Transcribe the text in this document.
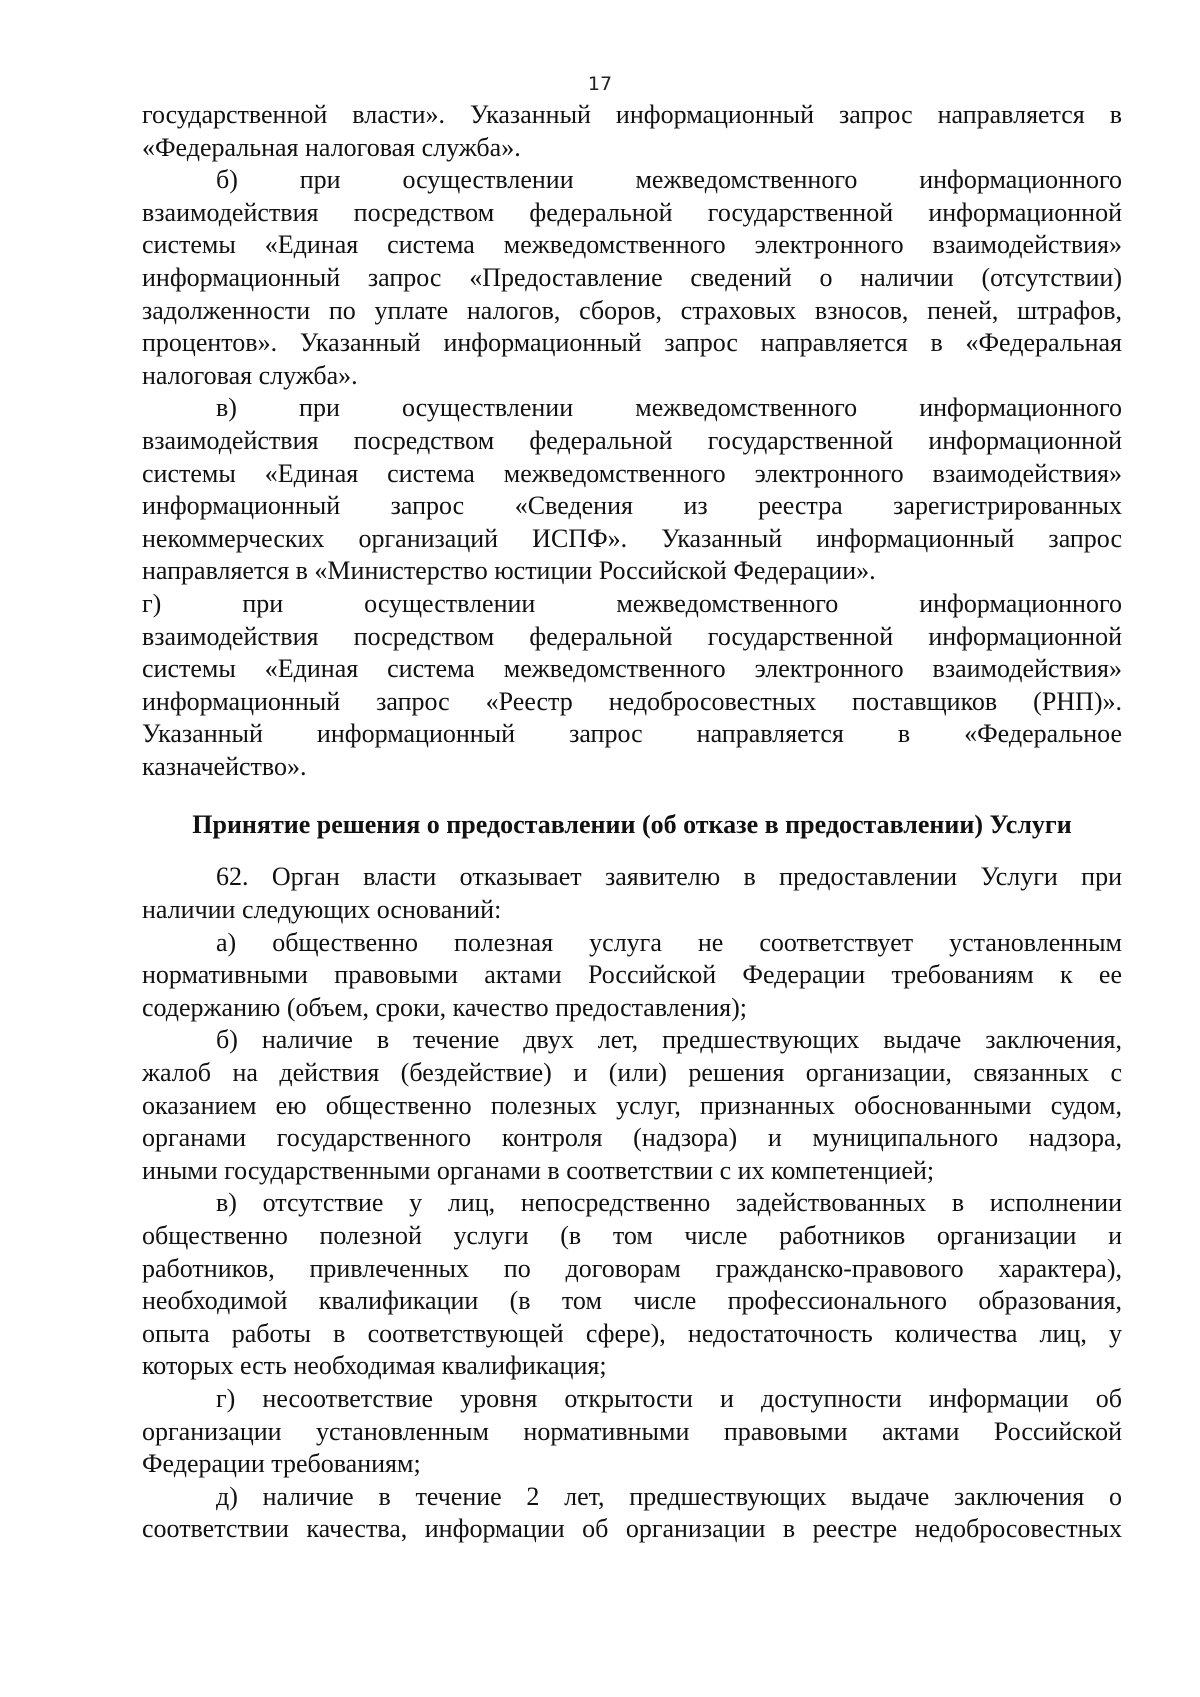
17
государственной власти». Указанный информационный запрос направляется в
«Федеральная налоговая служба».
б) при осуществлении межведомственного информационного
взаимодействия посредством федеральной государственной информационной
системы «Единая система межведомственного электронного взаимодействия»
информационный запрос «Предоставление сведений о наличии (отсутствии)
задолженности по уплате налогов, сборов, страховых взносов, пеней, штрафов,
процентов». Указанный информационный запрос направляется в «Федеральная
налоговая служба».
в) при осуществлении межведомственного информационного
взаимодействия посредством федеральной государственной информационной
системы «Единая система межведомственного электронного взаимодействия»
информационный запрос «Сведения из реестра зарегистрированных
некоммерческих организаций ИСПФ». Указанный информационный запрос
направляется в «Министерство юстиции Российской Федерации».
г) при осуществлении межведомственного информационного
взаимодействия посредством федеральной государственной информационной
системы «Единая система межведомственного электронного взаимодействия»
информационный запрос «Реестр недобросовестных поставщиков (РНП)».
Указанный информационный запрос направляется в «Федеральное
казначейство».
Принятие решения о предоставлении (об отказе в предоставлении) Услуги
62. Орган власти отказывает заявителю в предоставлении Услуги при
наличии следующих оснований:
а) общественно полезная услуга не соответствует установленным
нормативными правовыми актами Российской Федерации требованиям к ее
содержанию (объем, сроки, качество предоставления);
б) наличие в течение двух лет, предшествующих выдаче заключения,
жалоб на действия (бездействие) и (или) решения организации, связанных с
оказанием ею общественно полезных услуг, признанных обоснованными судом,
органами государственного контроля (надзора) и муниципального надзора,
иными государственными органами в соответствии с их компетенцией;
в) отсутствие у лиц, непосредственно задействованных в исполнении
общественно полезной услуги (в том числе работников организации и
работников, привлеченных по договорам гражданско-правового характера),
необходимой квалификации (в том числе профессионального образования,
опыта работы в соответствующей сфере), недостаточность количества лиц, у
которых есть необходимая квалификация;
г) несоответствие уровня открытости и доступности информации об
организации установленным нормативными правовыми актами Российской
Федерации требованиям;
д) наличие в течение 2 лет, предшествующих выдаче заключения о
соответствии качества, информации об организации в реестре недобросовестных
